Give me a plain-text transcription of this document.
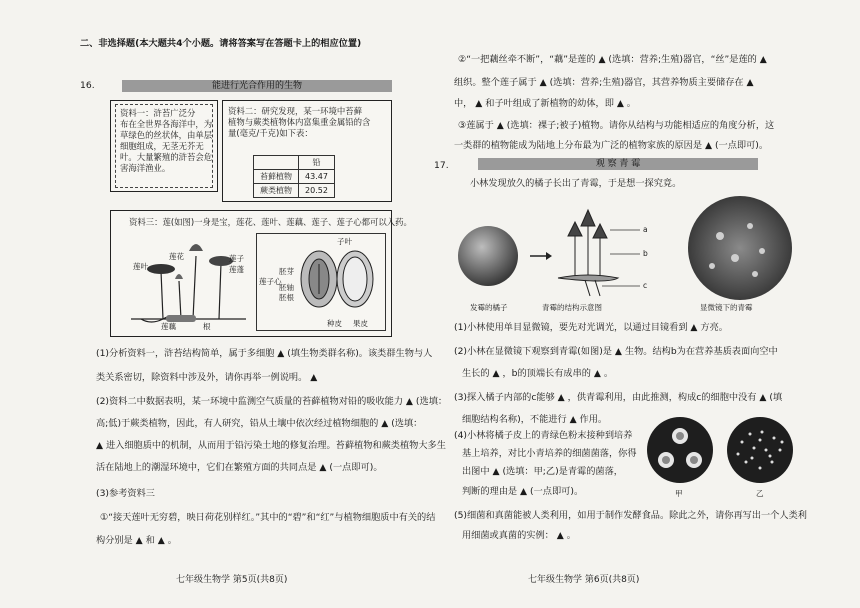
二、非选择题(本大题共4个小题。请将答案写在答题卡上的相应位置)
16.	能进行光合作用的生物
资料一：浒苔广泛分
布在全世界各海洋中，为
草绿色的丝状体，由单层
细胞组成，无茎无芥无
叶。大量繁殖的浒苔会危
害海洋渔业。
资料二：研究发现，某一环境中苔藓
植物与蕨类植物体内富集重金属铅的含
量(毫克/千克)如下表：
	铅
苔藓植物	43.47
蕨类植物	20.52
资料三：莲(如图)一身是宝，莲花、莲叶、莲藕、莲子、莲子心都可以入药。
莲叶
莲花	莲子
莲蓬
莲藕	根
子叶
莲子心
胚芽
胚轴
胚根
种皮 果皮
(1)分析资料一，浒苔结构简单，属于多细胞 ▲ (填生物类群名称)。该类群生物与人
类关系密切，除资料中涉及外，请你再举一例说明。 ▲
(2)资料二中数据表明，某一环境中监测空气质量的苔藓植物对铅的吸收能力 ▲ (选填：
高;低)于蕨类植物，因此，有人研究，铅从土壤中依次经过植物细胞的 ▲ (选填：
▲ 进入细胞质中的机制，从而用于铅污染土地的修复治理。苔藓植物和蕨类植物大多生
活在陆地上的潮湿环境中，它们在繁殖方面的共同点是 ▲ (一点即可)。
(3)参考资料三
①“接天莲叶无穷碧，映日荷花别样红。”其中的“碧”和“红”与植物细胞质中有关的结
构分别是 ▲ 和 ▲ 。
七年级生物学 第5页(共8页)
②“一把藕丝牵不断”，“藕”是莲的 ▲ (选填：营养;生殖)器官，“丝”是莲的 ▲
组织。整个莲子属于 ▲ (选填：营养;生殖)器官，其营养物质主要储存在 ▲
中， ▲ 和子叶组成了新植物的幼体，即 ▲ 。
③莲属于 ▲ (选填：裸子;被子)植物。请你从结构与功能相适应的角度分析，这
一类群的植物能成为陆地上分布最为广泛的植物家族的原因是 ▲ (一点即可)。
17.	观 察 青 霉
小林发现放久的橘子长出了青霉，于是想一探究竟。
a
b
c
发霉的橘子	青霉的结构示意图	显微镜下的青霉
(1)小林使用单目显微镜，要先对光调光，以通过目镜看到 ▲ 方亮。
(2)小林在显微镜下观察到青霉(如图)是 ▲ 生物。结构b为在营养基质表面向空中
生长的 ▲ ，b的顶端长有成串的 ▲ 。
(3)探入橘子内部的c能够 ▲ ，供青霉利用，由此推测，构成c的细胞中没有 ▲ (填
细胞结构名称)，不能进行 ▲ 作用。
(4)小林将橘子皮上的青绿色粉末接种到培养
基上培养，对比小青培养的细菌菌落，你得
出图中 ▲ (选填：甲;乙)是青霉的菌落，
判断的理由是 ▲ (一点即可)。	甲	乙
(5)细菌和真菌能被人类利用，如用于制作发酵食品。除此之外，请你再写出一个人类利
用细菌或真菌的实例： ▲ 。
七年级生物学 第6页(共8页)
